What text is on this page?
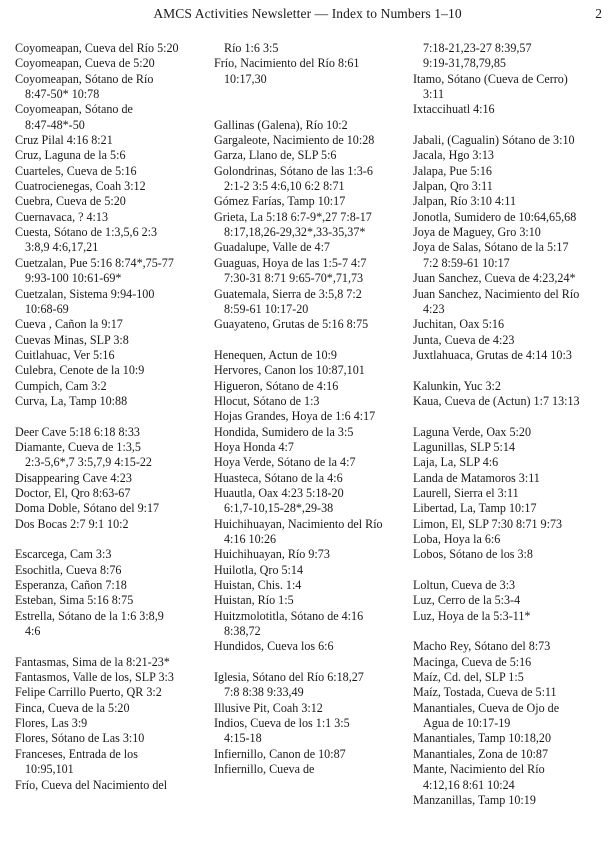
AMCS Activities Newsletter — Index to Numbers 1–10	2
Coyomeapan, Cueva del Río 5:20
Coyomeapan, Cueva de 5:20
Coyomeapan, Sótano de Río
8:47-50* 10:78
Coyomeapan, Sótano de
8:47-48*-50
Cruz Pilal 4:16 8:21
Cruz, Laguna de la 5:6
Cuarteles, Cueva de 5:16
Cuatrocienegas, Coah 3:12
Cuebra, Cueva de 5:20
Cuernavaca, ? 4:13
Cuesta, Sótano de 1:3,5,6 2:3
3:8,9 4:6,17,21
Cuetzalan, Pue 5:16 8:74*,75-77
9:93-100 10:61-69*
Cuetzalan, Sistema 9:94-100
10:68-69
Cueva , Cañon la 9:17
Cuevas Minas, SLP 3:8
Cuitlahuac, Ver 5:16
Culebra, Cenote de la 10:9
Cumpich, Cam 3:2
Curva, La, Tamp 10:88
Deer Cave 5:18 6:18 8:33
Diamante, Cueva de 1:3,5
2:3-5,6*,7 3:5,7,9 4:15-22
Disappearing Cave 4:23
Doctor, El, Qro 8:63-67
Doma Doble, Sótano del 9:17
Dos Bocas 2:7 9:1 10:2
Escarcega, Cam 3:3
Esochitla, Cueva 8:76
Esperanza, Cañon 7:18
Esteban, Sima 5:16 8:75
Estrella, Sótano de la 1:6 3:8,9
4:6
Fantasmas, Sima de la 8:21-23*
Fantasmos, Valle de los, SLP 3:3
Felipe Carrillo Puerto, QR 3:2
Finca, Cueva de la 5:20
Flores, Las 3:9
Flores, Sótano de Las 3:10
Franceses, Entrada de los
10:95,101
Frío, Cueva del Nacimiento del
Río 1:6 3:5
Frío, Nacimiento del Río 8:61
10:17,30
Gallinas (Galena), Río 10:2
Gargaleote, Nacimiento de 10:28
Garza, Llano de, SLP 5:6
Golondrinas, Sótano de las 1:3-6
2:1-2 3:5 4:6,10 6:2 8:71
Gómez Farías, Tamp 10:17
Grieta, La 5:18 6:7-9*,27 7:8-17
8:17,18,26-29,32*,33-35,37*
Guadalupe, Valle de 4:7
Guaguas, Hoya de las 1:5-7 4:7
7:30-31 8:71 9:65-70*,71,73
Guatemala, Sierra de 3:5,8 7:2
8:59-61 10:17-20
Guayateno, Grutas de 5:16 8:75
Henequen, Actun de 10:9
Hervores, Canon los 10:87,101
Higueron, Sótano de 4:16
Hlocut, Sótano de 1:3
Hojas Grandes, Hoya de 1:6 4:17
Hondida, Sumidero de la 3:5
Hoya Honda 4:7
Hoya Verde, Sótano de la 4:7
Huasteca, Sótano de la 4:6
Huautla, Oax 4:23 5:18-20
6:1,7-10,15-28*,29-38
Huichihuayan, Nacimiento del Río
4:16 10:26
Huichihuayan, Río 9:73
Huilotla, Qro 5:14
Huistan, Chis. 1:4
Huistan, Río 1:5
Huitzmolotitla, Sótano de 4:16
8:38,72
Hundidos, Cueva los 6:6
Iglesia, Sótano del Río 6:18,27
7:8 8:38 9:33,49
Illusive Pit, Coah 3:12
Indios, Cueva de los 1:1 3:5
4:15-18
Infiernillo, Canon de 10:87
Infiernillo, Cueva de
7:18-21,23-27 8:39,57
9:19-31,78,79,85
Itamo, Sótano (Cueva de Cerro)
3:11
Ixtaccihuatl 4:16
Jabali, (Cagualin) Sótano de 3:10
Jacala, Hgo 3:13
Jalapa, Pue 5:16
Jalpan, Qro 3:11
Jalpan, Río 3:10 4:11
Jonotla, Sumidero de 10:64,65,68
Joya de Maguey, Gro 3:10
Joya de Salas, Sótano de la 5:17
7:2 8:59-61 10:17
Juan Sanchez, Cueva de 4:23,24*
Juan Sanchez, Nacimiento del Río
4:23
Juchitan, Oax 5:16
Junta, Cueva de 4:23
Juxtlahuaca, Grutas de 4:14 10:3
Kalunkin, Yuc 3:2
Kaua, Cueva de (Actun) 1:7 13:13
Laguna Verde, Oax 5:20
Lagunillas, SLP 5:14
Laja, La, SLP 4:6
Landa de Matamoros 3:11
Laurell, Sierra el 3:11
Libertad, La, Tamp 10:17
Limon, El, SLP 7:30 8:71 9:73
Loba, Hoya la 6:6
Lobos, Sótano de los 3:8
Loltun, Cueva de 3:3
Luz, Cerro de la 5:3-4
Luz, Hoya de la 5:3-11*
Macho Rey, Sótano del 8:73
Macinga, Cueva de 5:16
Maíz, Cd. del, SLP 1:5
Maíz, Tostada, Cueva de 5:11
Manantiales, Cueva de Ojo de
Agua de 10:17-19
Manantiales, Tamp 10:18,20
Manantiales, Zona de 10:87
Mante, Nacimiento del Río
4:12,16 8:61 10:24
Manzanillas, Tamp 10:19
